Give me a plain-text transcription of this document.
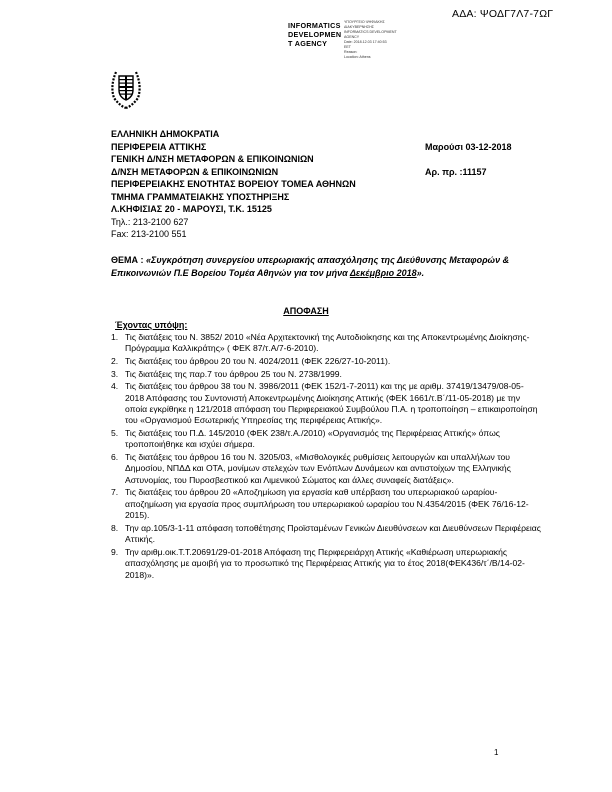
ΑΔΑ: ΨΟΔΓ7Λ7-7ΩΓ
INFORMATICS
DEVELOPMEN
T AGENCY
ΥΠΟΥΡΓΕΙΟ ΨΗΦΙΑΚΗΣ
ΔΙΑΚΥΒΕΡΝΗΣΗΣ
INFORMATICS DEVELOPMENT AGENCY
Date: 2018.12.03 17:40:53
EET
Reason:
Location: Athens
ΕΛΛΗΝΙΚΗ ΔΗΜΟΚΡΑΤΙΑ
ΠΕΡΙΦΕΡΕΙΑ ΑΤΤΙΚΗΣ
ΓΕΝΙΚΗ Δ/ΝΣΗ ΜΕΤΑΦΟΡΩΝ & ΕΠΙΚΟΙΝΩΝΙΩΝ
Δ/ΝΣΗ ΜΕΤΑΦΟΡΩΝ & ΕΠΙΚΟΙΝΩΝΙΩΝ
ΠΕΡΙΦΕΡΕΙΑΚΗΣ ΕΝΟΤΗΤΑΣ ΒΟΡΕΙΟΥ ΤΟΜΕΑ ΑΘΗΝΩΝ
ΤΜΗΜΑ ΓΡΑΜΜΑΤΕΙΑΚΗΣ ΥΠΟΣΤΗΡΙΞΗΣ
Λ.ΚΗΦΙΣΙΑΣ 20 - ΜΑΡΟΥΣΙ, Τ.Κ. 15125
Τηλ.: 213-2100 627
Fax: 213-2100 551
Μαρούσι 03-12-2018
Αρ. πρ. :11157
ΘΕΜΑ : «Συγκρότηση συνεργείου υπερωριακής απασχόλησης της Διεύθυνσης Μεταφορών & Επικοινωνιών Π.Ε Βορείου Τομέα Αθηνών για τον μήνα Δεκέμβριο 2018».
ΑΠΟΦΑΣΗ
Έχοντας υπόψη:
1. Τις διατάξεις του Ν. 3852/ 2010 «Νέα Αρχιτεκτονική της Αυτοδιοίκησης και της Αποκεντρωμένης Διοίκησης-Πρόγραμμα Καλλικράτης» ( ΦΕΚ 87/τ.Α/7-6-2010).
2. Τις διατάξεις του άρθρου 20 του Ν. 4024/2011 (ΦΕΚ 226/27-10-2011).
3. Τις διατάξεις της παρ.7 του άρθρου 25 του Ν. 2738/1999.
4. Τις διατάξεις του άρθρου 38 του Ν. 3986/2011 (ΦΕΚ 152/1-7-2011) και της με αριθμ. 37419/13479/08-05-2018 Απόφασης του Συντονιστή Αποκεντρωμένης Διοίκησης Αττικής (ΦΕΚ 1661/τ.Β΄/11-05-2018) με την οποία εγκρίθηκε η 121/2018 απόφαση του Περιφερειακού Συμβούλου Π.Α. η τροποποίηση – επικαιροποίηση του «Οργανισμού Εσωτερικής Υπηρεσίας της περιφέρειας Αττικής».
5. Τις διατάξεις του Π.Δ. 145/2010 (ΦΕΚ 238/τ.Α./2010) «Οργανισμός της Περιφέρειας Αττικής» όπως τροποποιήθηκε και ισχύει σήμερα.
6. Τις διατάξεις του άρθρου 16 του Ν. 3205/03, «Μισθολογικές ρυθμίσεις λειτουργών και υπαλλήλων του Δημοσίου, ΝΠΔΔ και ΟΤΑ, μονίμων στελεχών των Ενόπλων Δυνάμεων και αντιστοίχων της Ελληνικής Αστυνομίας, του Πυροσβεστικού και Λιμενικού Σώματος και άλλες συναφείς διατάξεις».
7. Τις διατάξεις του άρθρου 20 «Αποζημίωση για εργασία καθ υπέρβαση του υπερωριακού ωραρίου-αποζημίωση για εργασία προς συμπλήρωση του υπερωριακού ωραρίου του Ν.4354/2015 (ΦΕΚ 76/16-12-2015).
8. Την αρ.105/3-1-11 απόφαση τοποθέτησης Προϊσταμένων Γενικών Διευθύνσεων και Διευθύνσεων Περιφέρειας Αττικής.
9. Την αριθμ.οικ.Τ.Τ.20691/29-01-2018 Απόφαση της Περιφερειάρχη Αττικής «Καθιέρωση υπερωριακής απασχόλησης με αμοιβή για το προσωπικό της Περιφέρειας Αττικής για το έτος 2018(ΦΕΚ436/τ΄/Β/14-02-2018)».
1
